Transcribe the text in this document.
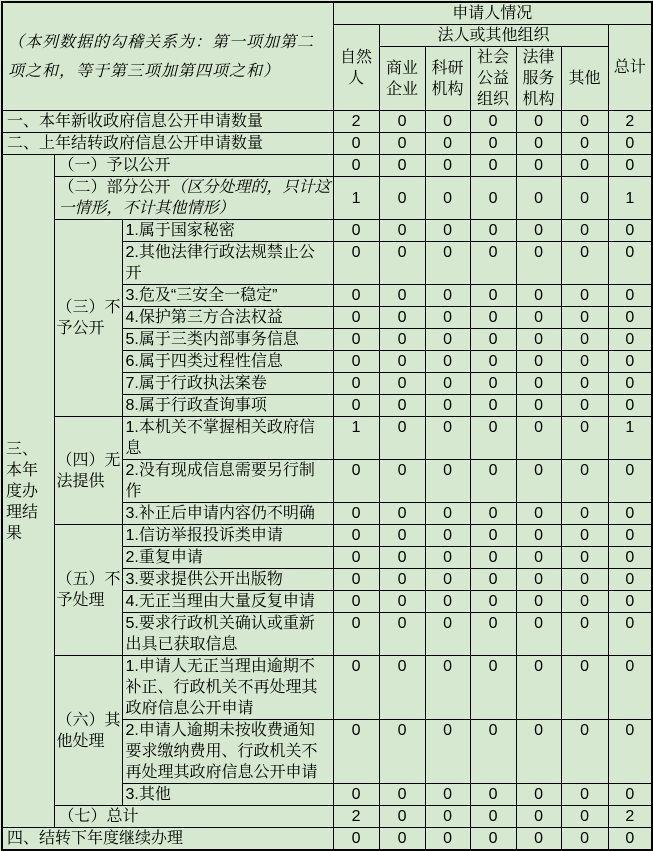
（本列数据的勾稽关系为：第一项加第二项之和，等于第三项加第四项之和）			申请人情况						
			自然人	法人或其他组织					总计
				商业企业	科研机构	社会公益组织	法律服务机构	其他	
一、本年新收政府信息公开申请数量			2	0	0	0	0	0	2
二、上年结转政府信息公开申请数量			0	0	0	0	0	0	0
三、本年度办理结果	（一）予以公开		0	0	0	0	0	0	0
	（二）部分公开（区分处理的，只计这一情形，不计其他情形）		1	0	0	0	0	0	1
	（三）不予公开	1.属于国家秘密	0	0	0	0	0	0	0
		2.其他法律行政法规禁止公开	0	0	0	0	0	0	0
		3.危及“三安全一稳定”	0	0	0	0	0	0	0
		4.保护第三方合法权益	0	0	0	0	0	0	0
		5.属于三类内部事务信息	0	0	0	0	0	0	0
		6.属于四类过程性信息	0	0	0	0	0	0	0
		7.属于行政执法案卷	0	0	0	0	0	0	0
		8.属于行政查询事项	0	0	0	0	0	0	0
	（四）无法提供	1.本机关不掌握相关政府信息	1	0	0	0	0	0	1
		2.没有现成信息需要另行制作	0	0	0	0	0	0	0
		3.补正后申请内容仍不明确	0	0	0	0	0	0	0
	（五）不予处理	1.信访举报投诉类申请	0	0	0	0	0	0	0
		2.重复申请	0	0	0	0	0	0	0
		3.要求提供公开出版物	0	0	0	0	0	0	0
		4.无正当理由大量反复申请	0	0	0	0	0	0	0
		5.要求行政机关确认或重新出具已获取信息	0	0	0	0	0	0	0
	（六）其他处理	1.申请人无正当理由逾期不补正、行政机关不再处理其政府信息公开申请	0	0	0	0	0	0	0
		2.申请人逾期未按收费通知要求缴纳费用、行政机关不再处理其政府信息公开申请	0	0	0	0	0	0	0
		3.其他	0	0	0	0	0	0	0
	（七）总计		2	0	0	0	0	0	2
四、结转下年度继续办理			0	0	0	0	0	0	0
